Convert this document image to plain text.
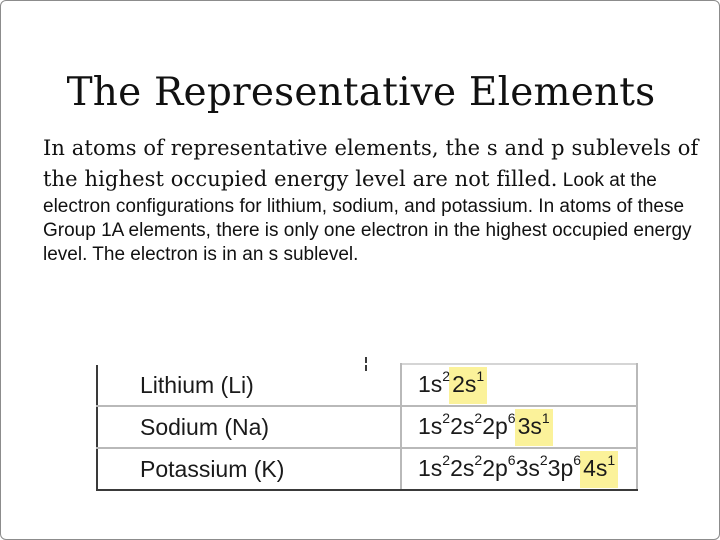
The Representative Elements
In atoms of representative elements, the s and p sublevels of the highest occupied energy level are not filled. Look at the electron configurations for lithium, sodium, and potassium. In atoms of these Group 1A elements, there is only one electron in the highest occupied energy level. The electron is in an s sublevel.
Lithium (Li)	$1s^22s^1$
Sodium (Na)	$1s^22s^22p^63s^1$
Potassium (K)	$1s^22s^22p^63s^23p^64s^1$
